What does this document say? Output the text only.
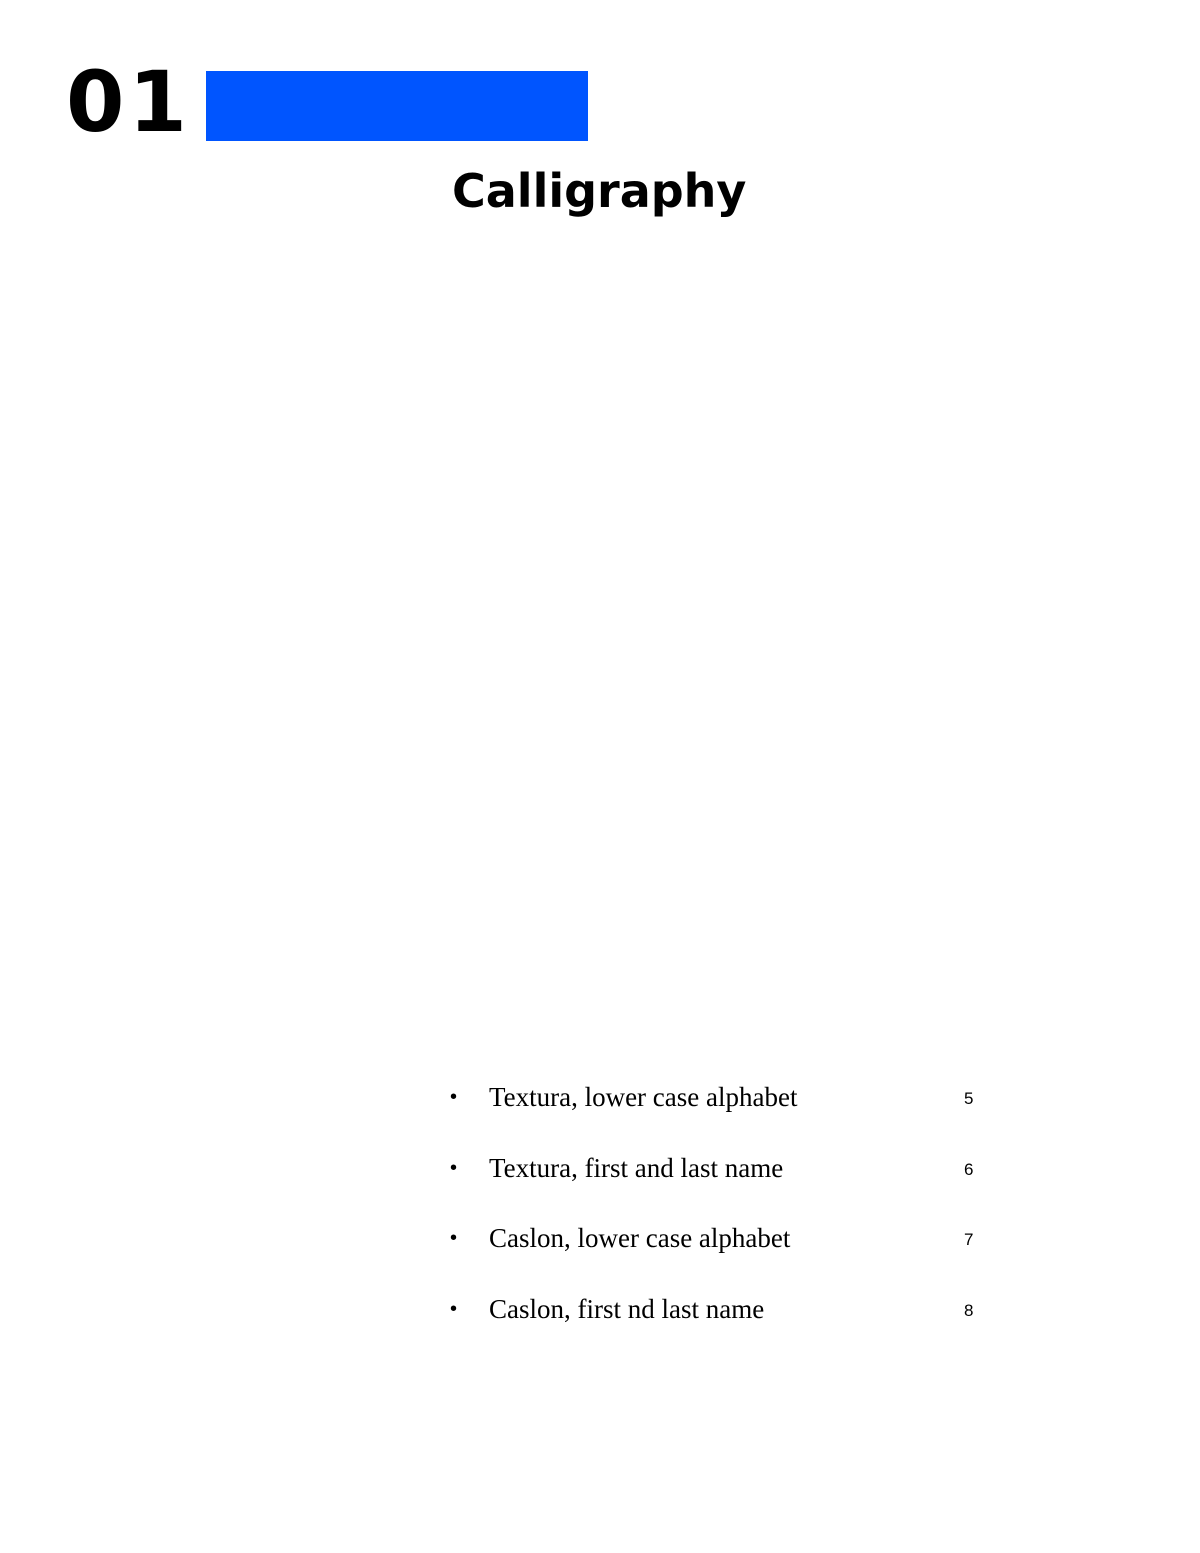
01
Calligraphy
• Textura, lower case alphabet	5
• Textura, first and last name	6
• Caslon, lower case alphabet	7
• Caslon, first nd last name	8
